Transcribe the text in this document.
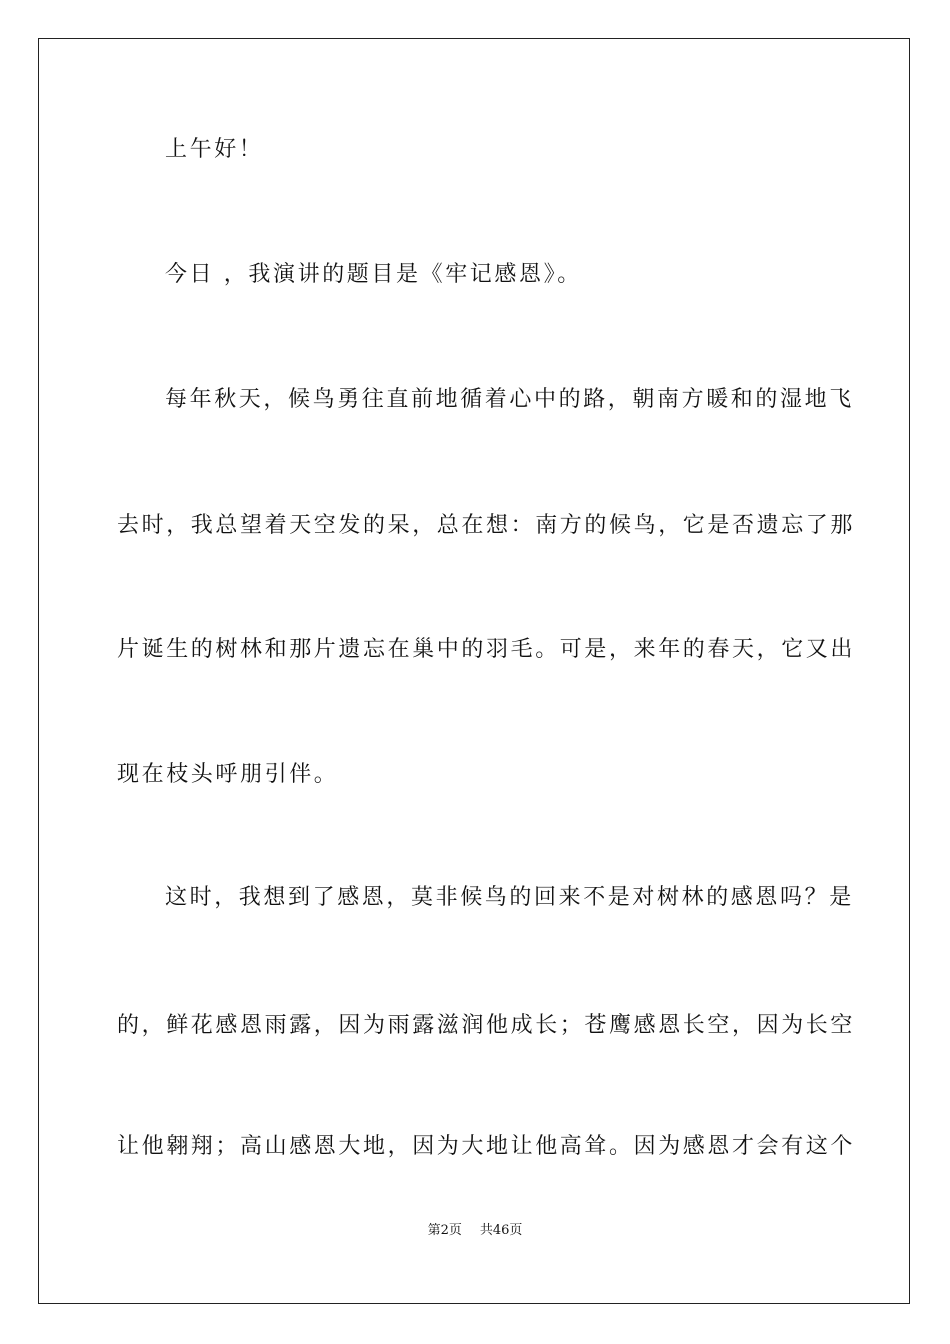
上午好！

今日 ，我演讲的题目是《牢记感恩》。

每年秋天，候鸟勇往直前地循着心中的路，朝南方暖和的湿地飞

去时，我总望着天空发的呆，总在想：南方的候鸟，它是否遗忘了那

片诞生的树林和那片遗忘在巢中的羽毛。可是，来年的春天，它又出

现在枝头呼朋引伴。

这时，我想到了感恩，莫非候鸟的回来不是对树林的感恩吗？是

的，鲜花感恩雨露，因为雨露滋润他成长；苍鹰感恩长空，因为长空

让他翱翔；高山感恩大地，因为大地让他高耸。因为感恩才会有这个

第2页 共46页
